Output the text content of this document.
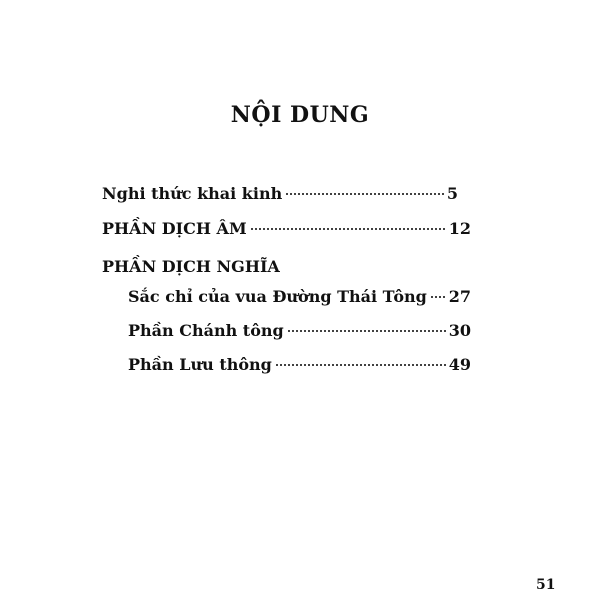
NỘI DUNG
Nghi thức khai kinh	5
PHẦN DỊCH ÂM	12
PHẦN DỊCH NGHĨA
Sắc chỉ của vua Đường Thái Tông 27
Phần Chánh tông	30
Phần Lưu thông	49
51
